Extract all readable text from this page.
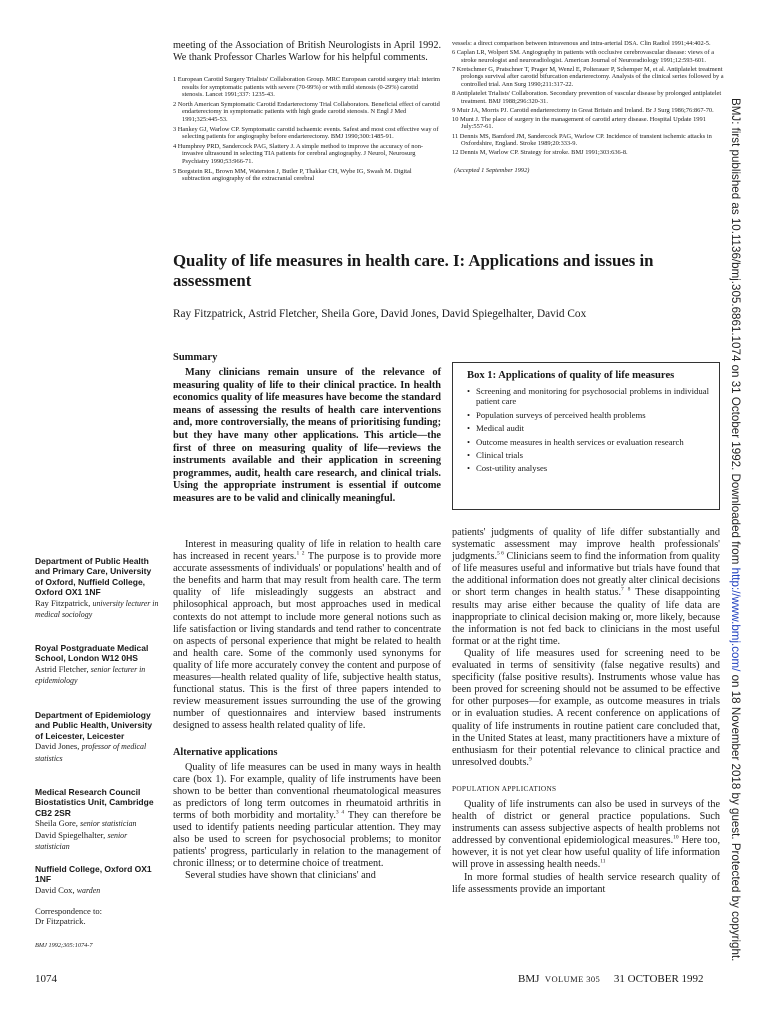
meeting of the Association of British Neurologists in April 1992. We thank Professor Charles Warlow for his helpful comments.

1 European Carotid Surgery Trialists' Collaboration Group. MRC European carotid surgery trial: interim results for symptomatic patients with severe (70-99%) or with mild stenosis (0-29%) carotid stenosis. Lancet 1991;337: 1235-43.

2 North American Symptomatic Carotid Endarterectomy Trial Collaborators. Beneficial effect of carotid endarterectomy in symptomatic patients with high grade carotid stenosis. N Engl J Med 1991;325:445-53.

3 Hankey GJ, Warlow CP. Symptomatic carotid ischaemic events. Safest and most cost effective way of selecting patients for angiography before endarterectomy. BMJ 1990;300:1485-91.

4 Humphrey PRD, Sandercock PAG, Slattery J. A simple method to improve the accuracy of non-invasive ultrasound in selecting TIA patients for cerebral angiography. J Neurol, Neurosurg Psychiatry 1990;53:966-71.

5 Borgstein RL, Brown MM, Waterston J, Butler P, Thakkar CH, Wybe IG, Swash M. Digital subtraction angiography of the extracranial cerebral

vessels: a direct comparison between intravenous and intra-arterial DSA. Clin Radiol 1991;44:402-5.

6 Caplan LR, Wolpert SM. Angiography in patients with occlusive cerebrovascular disease: views of a stroke neurologist and neuroradiologist. American Journal of Neuroradiology 1991;12:593-601.

7 Kretschmer G, Pratschner T, Prager M, Wenzl E, Polterauer P, Schemper M, et al. Antiplatelet treatment prolongs survival after carotid bifurcation endarterectomy. Analysis of the clinical series followed by a controlled trial. Ann Surg 1990;211:317-22.

8 Antiplatelet Trialists' Collaboration. Secondary prevention of vascular disease by prolonged antiplatelet treatment. BMJ 1988;296:320-31.

9 Muir JA, Morris PJ. Carotid endarterectomy in Great Britain and Ireland. Br J Surg 1986;76:867-70.

10 Munt J. The place of surgery in the management of carotid artery disease. Hospital Update 1991 July:557-61.

11 Dennis MS, Bamford JM, Sandercock PAG, Warlow CP. Incidence of transient ischemic attacks in Oxfordshire, England. Stroke 1989;20:333-9.

12 Dennis M, Warlow CP. Strategy for stroke. BMJ 1991;303:636-8.

(Accepted 1 September 1992)

Quality of life measures in health care. I: Applications and issues in assessment
Ray Fitzpatrick, Astrid Fletcher, Sheila Gore, David Jones, David Spiegelhalter, David Cox
Summary

Many clinicians remain unsure of the relevance of measuring quality of life to their clinical practice. In health economics quality of life measures have become the standard means of assessing the results of health care interventions and, more controversially, the means of prioritising funding; but they have many other applications. This article—the first of three on measuring quality of life—reviews the instruments available and their application in screening programmes, audit, health care research, and clinical trials. Using the appropriate instrument is essential if outcome measures are to be valid and clinically meaningful.

Box 1: Applications of quality of life measures
• Screening and monitoring for psychosocial problems in individual patient care
• Population surveys of perceived health problems
• Medical audit
• Outcome measures in health services or evaluation research
• Clinical trials
• Cost-utility analyses
Department of Public Health and Primary Care, University of Oxford, Nuffield College, Oxford OX1 1NF
Ray Fitzpatrick, university lecturer in medical sociology
Royal Postgraduate Medical School, London W12 0HS
Astrid Fletcher, senior lecturer in epidemiology
Department of Epidemiology and Public Health, University of Leicester, Leicester
David Jones, professor of medical statistics
Medical Research Council Biostatistics Unit, Cambridge CB2 2SR
Sheila Gore, senior statistician
David Spiegelhalter, senior statistician
Nuffield College, Oxford OX1 1NF
David Cox, warden
Correspondence to:
Dr Fitzpatrick.
BMJ 1992;305:1074-7

Interest in measuring quality of life in relation to health care has increased in recent years.$^{1 2}$ The purpose is to provide more accurate assessments of individuals' or populations' health and of the benefits and harm that may result from health care. The term quality of life misleadingly suggests an abstract and philosophical approach, but most approaches used in medical contexts do not attempt to include more general notions such as life satisfaction or living standards and tend rather to concentrate on aspects of personal experience that might be related to health and health care. Some of the commonly used synonyms for quality of life more accurately convey the content and purpose of measures—health related quality of life, subjective health status, functional status. This is the first of three papers intended to review measurement issues surrounding the use of the growing number of questionnaires and interview based instruments designed to assess health related quality of life.

Alternative applications

Quality of life measures can be used in many ways in health care (box 1). For example, quality of life instruments have been shown to be better than conventional rheumatological measures as predictors of long term outcomes in rheumatoid arthritis in terms of both morbidity and mortality.$^{3 4}$ They can therefore be used to identify patients needing particular attention. They may also be used to screen for psychosocial problems; to monitor patients' progress, particularly in relation to the management of chronic illness; or to determine choice of treatment.

Several studies have shown that clinicians' and

patients' judgments of quality of life differ substantially and systematic assessment may improve health professionals' judgments.$^{5 6}$ Clinicians seem to find the information from quality of life measures useful and informative but trials have found that the additional information does not greatly alter clinical decisions or short term changes in health status.$^{7 8}$ These disappointing results may arise either because the quality of life data are inappropriate to clinical decision making or, more likely, because the information is not fed back to clinicians in the most useful format or at the right time.

Quality of life measures used for screening need to be evaluated in terms of sensitivity (false negative results) and specificity (false positive results). Instruments whose value has been proved for screening should not be assumed to be effective for other purposes—for example, as outcome measures in trials or in evaluation studies. A recent conference on applications of quality of life instruments in routine patient care concluded that, in the United States at least, many practitioners have a mixture of enthusiasm for their potential relevance to clinical practice and unresolved doubts.$^9$

POPULATION APPLICATIONS

Quality of life instruments can also be used in surveys of the health of district or general practice populations. Such instruments can assess subjective aspects of health problems not addressed by conventional epidemiological measures.$^{10}$ Here too, however, it is not yet clear how useful quality of life information will prove in assessing health needs.$^{11}$

In more formal studies of health service research quality of life assessments provide an important

1074	BMJ VOLUME 305 31 OCTOBER 1992
BMJ: first published as 10.1136/bmj.305.6861.1074 on 31 October 1992. Downloaded from http://www.bmj.com/ on 18 November 2018 by guest. Protected by copyright.
